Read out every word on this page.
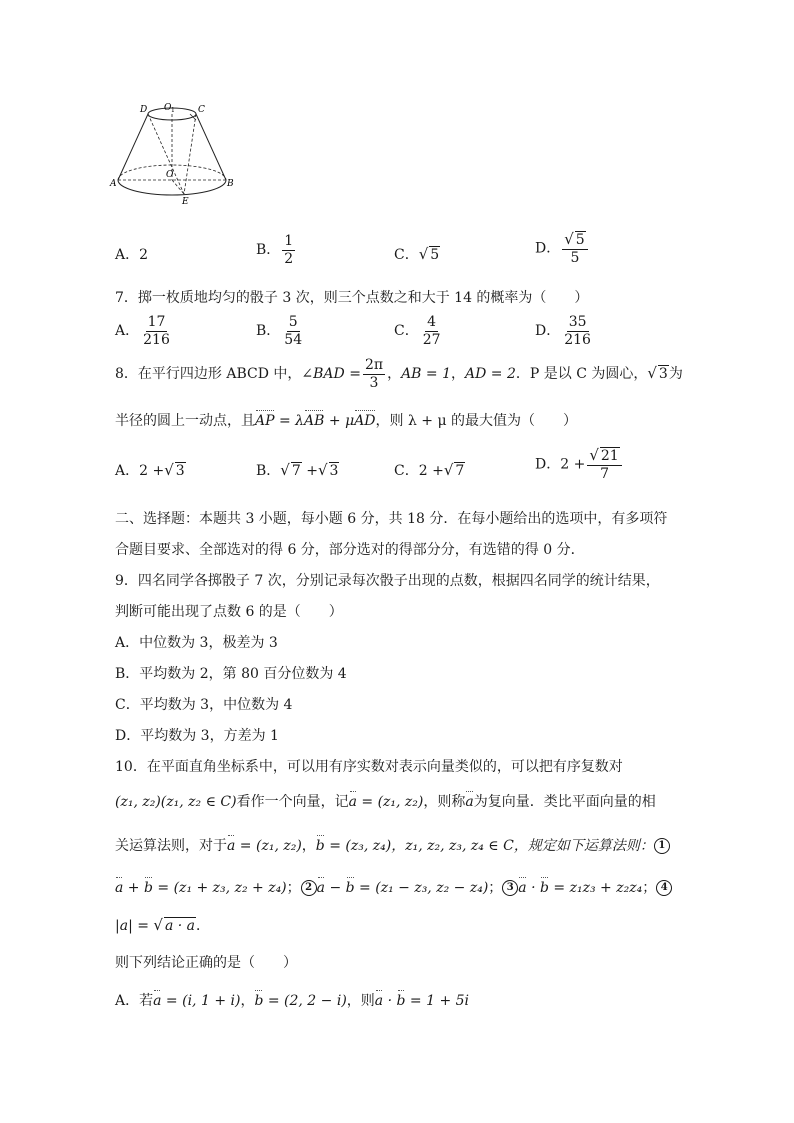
D O 1	C
O
A	B
E
A．2	B． $\frac{1}{2}$	C．√ 5	D． $\frac{√ 5}{5}$
7．掷一枚质地均匀的骰子 3 次，则三个点数之和大于 14 的概率为（　　）
A． $\frac{17}{216}$	B． $\frac{5}{54}$	C． $\frac{4}{27}$	D． $\frac{35}{216}$
8．在平行四边形 ABCD 中，∠BAD = $\frac{2\pi}{3}$ ，AB = 1，AD = 2．P 是以 C 为圆心，√ 3为
半径的圆上一动点，且AP = λAB + μAD，则 λ + μ 的最大值为（　　）
A．2 +√ 3	B．√ 7 +√ 3	C．2 +√ 7	D．$2 + \frac{√ 21}{7}$
二、选择题：本题共 3 小题，每小题 6 分，共 18 分．在每小题给出的选项中，有多项符
合题目要求、全部选对的得 6 分，部分选对的得部分分，有选错的得 0 分．
9．四名同学各掷骰子 7 次，分别记录每次骰子出现的点数，根据四名同学的统计结果，
判断可能出现了点数 6 的是（　　）
A．中位数为 3，极差为 3
B．平均数为 2，第 80 百分位数为 4
C．平均数为 3，中位数为 4
D．平均数为 3，方差为 1
10．在平面直角坐标系中，可以用有序实数对表示向量类似的，可以把有序复数对
(z₁, z₂)(z₁, z₂ ∈ C)看作一个向量，记a = (z₁, z₂)，则称a为复向量．类比平面向量的相
关运算法则，对于a = (z₁, z₂)，b = (z₃, z₄)，z₁, z₂, z₃, z₄ ∈ C，规定如下运算法则： 1
a + b = (z₁ + z₃, z₂ + z₄)； 2 a − b = (z₁ − z₃, z₂ − z₄)； 3 a · b = z₁z₃ + z₂z₄； 4
|a| = √ a · a．
则下列结论正确的是（　　）
A．若a = (i, 1 + i)，b = (2, 2 − i)，则a · b = 1 + 5i
